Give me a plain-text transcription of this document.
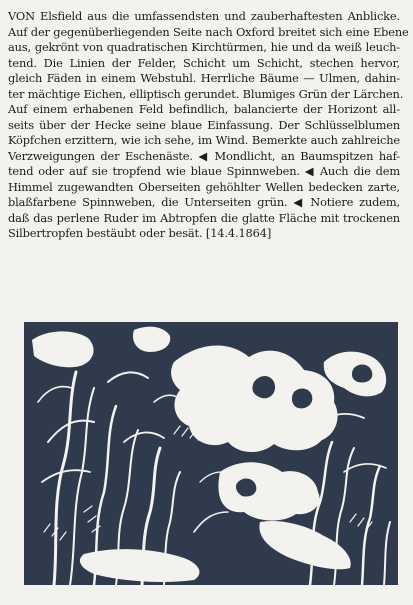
VON Elsfield aus die umfassendsten und zauberhaftesten Anblicke.
Auf der gegenüberliegenden Seite nach Oxford breitet sich eine Ebene
aus, gekrönt von quadratischen Kirchtürmen, hie und da weiß leuch-
tend. Die Linien der Felder, Schicht um Schicht, stechen hervor,
gleich Fäden in einem Webstuhl. Herrliche Bäume — Ulmen, dahin-
ter mächtige Eichen, elliptisch gerundet. Blumiges Grün der Lärchen.
Auf einem erhabenen Feld befindlich, balancierte der Horizont all-
seits über der Hecke seine blaue Einfassung. Der Schlüsselblumen
Köpfchen erzittern, wie ich sehe, im Wind. Bemerkte auch zahlreiche
Verzweigungen der Eschenäste. ◀ Mondlicht, an Baumspitzen haf-
tend oder auf sie tropfend wie blaue Spinnweben. ◀ Auch die dem
Himmel zugewandten Oberseiten gehöhlter Wellen bedecken zarte,
blaßfarbene Spinnweben, die Unterseiten grün. ◀ Notiere zudem,
daß das perlene Ruder im Abtropfen die glatte Fläche mit trockenen
Silbertropfen bestäubt oder besät. [14.4.1864]
